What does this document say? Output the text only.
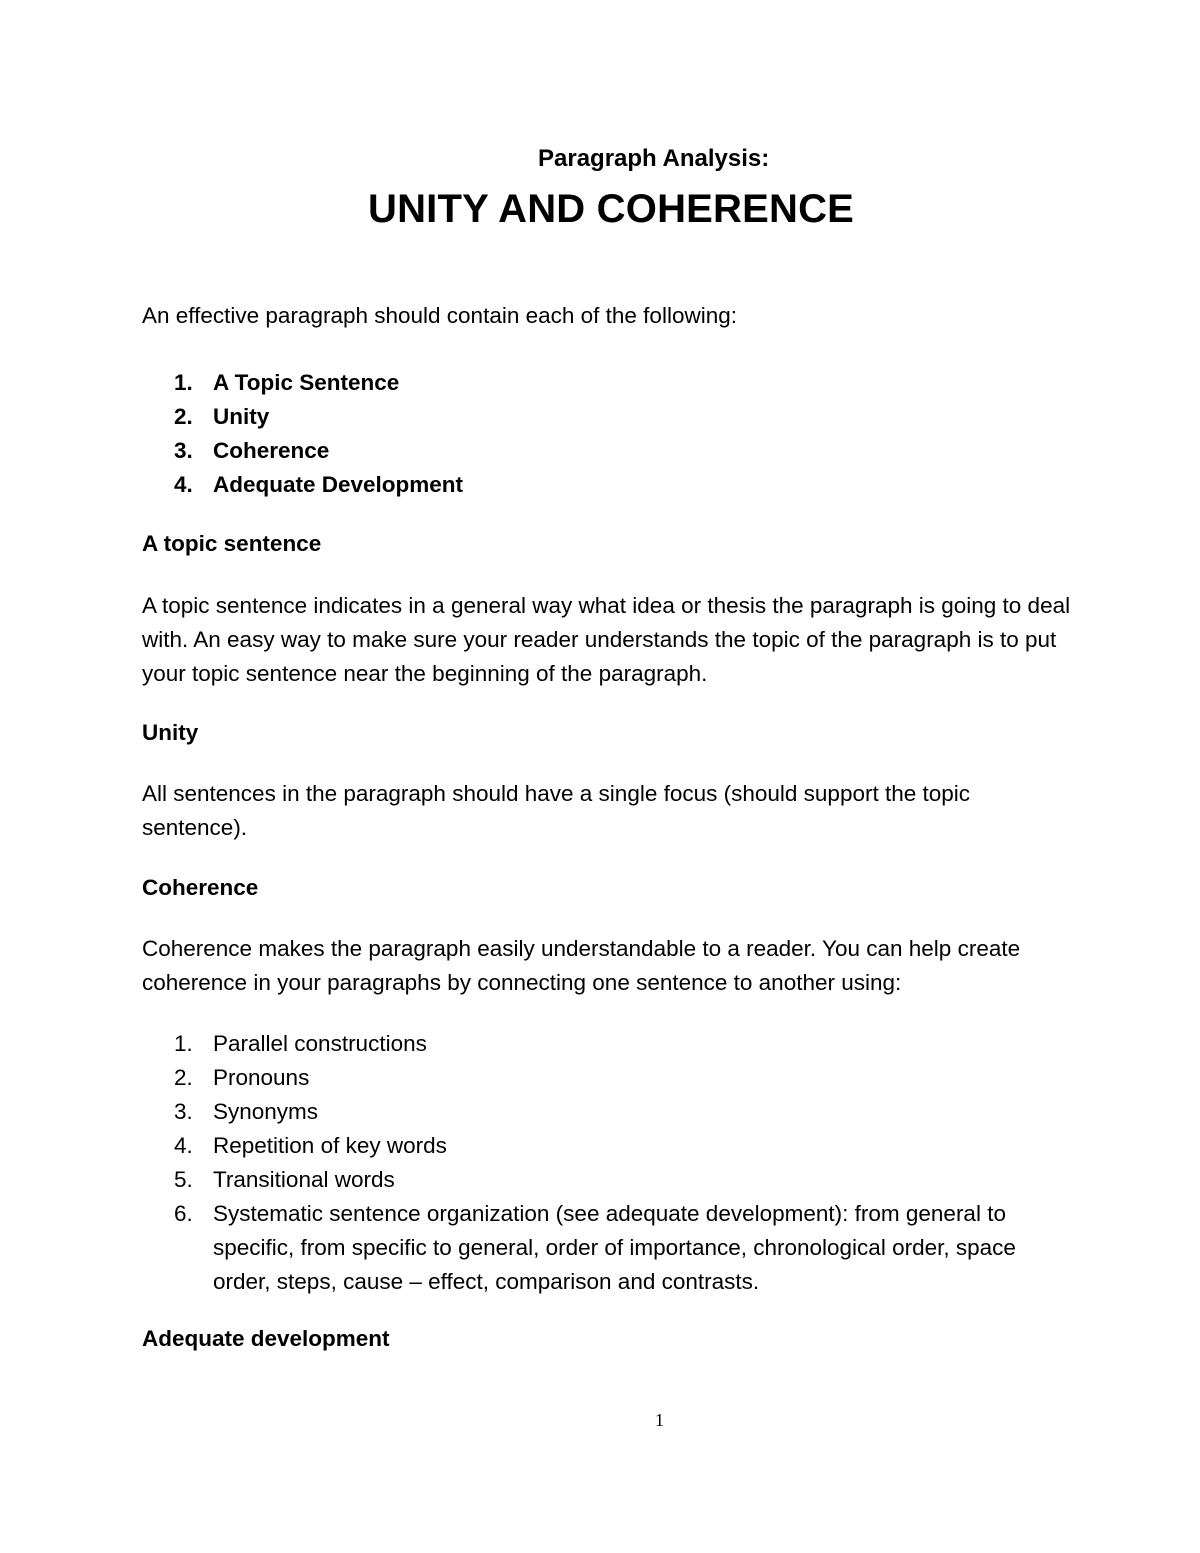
Paragraph Analysis:
UNITY AND COHERENCE
An effective paragraph should contain each of the following:
1. A Topic Sentence
2. Unity
3. Coherence
4. Adequate Development
A topic sentence
A topic sentence indicates in a general way what idea or thesis the paragraph is going to deal
with. An easy way to make sure your reader understands the topic of the paragraph is to put
your topic sentence near the beginning of the paragraph.
Unity
All sentences in the paragraph should have a single focus (should support the topic
sentence).
Coherence
Coherence makes the paragraph easily understandable to a reader. You can help create
coherence in your paragraphs by connecting one sentence to another using:
1. Parallel constructions
2. Pronouns
3. Synonyms
4. Repetition of key words
5. Transitional words
6. Systematic sentence organization (see adequate development): from general to
specific, from specific to general, order of importance, chronological order, space
order, steps, cause – effect, comparison and contrasts.
Adequate development
1
